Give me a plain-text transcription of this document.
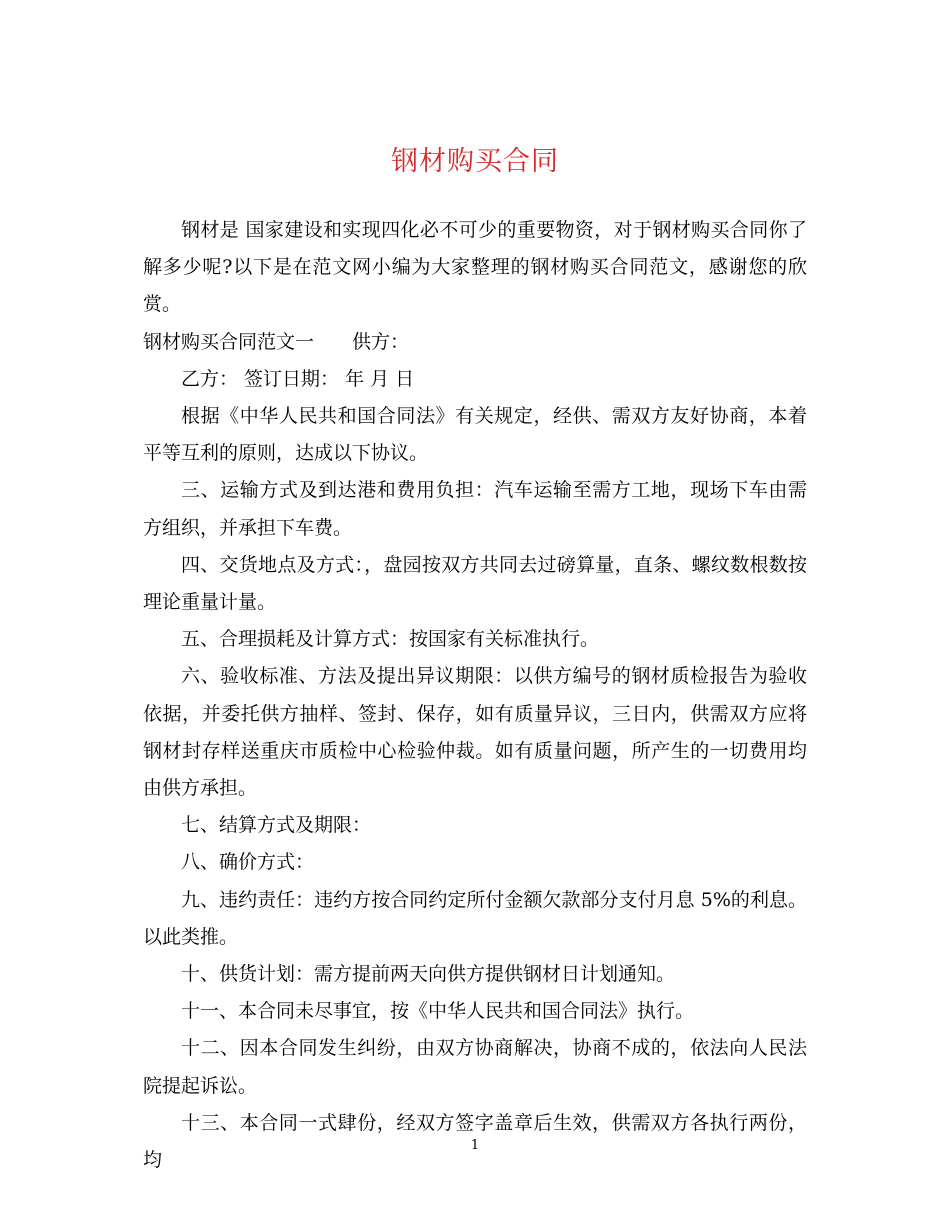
钢材购买合同

钢材是 国家建设和实现四化必不可少的重要物资，对于钢材购买合同你了解多少呢?以下是在范文网小编为大家整理的钢材购买合同范文，感谢您的欣赏。

钢材购买合同范文一 供方：

乙方： 签订日期： 年 月 日

根据《中华人民共和国合同法》有关规定，经供、需双方友好协商，本着平等互利的原则，达成以下协议。

三、运输方式及到达港和费用负担：汽车运输至需方工地，现场下车由需方组织，并承担下车费。

四、交货地点及方式：，盘园按双方共同去过磅算量，直条、螺纹数根数按理论重量计量。

五、合理损耗及计算方式：按国家有关标准执行。

六、验收标准、方法及提出异议期限：以供方编号的钢材质检报告为验收依据，并委托供方抽样、签封、保存，如有质量异议，三日内，供需双方应将钢材封存样送重庆市质检中心检验仲裁。如有质量问题，所产生的一切费用均由供方承担。

七、结算方式及期限：

八、确价方式：

九、违约责任：违约方按合同约定所付金额欠款部分支付月息 5%的利息。以此类推。

十、供货计划：需方提前两天向供方提供钢材日计划通知。

十一、本合同未尽事宜，按《中华人民共和国合同法》执行。

十二、因本合同发生纠纷，由双方协商解决，协商不成的，依法向人民法院提起诉讼。

十三、本合同一式肆份，经双方签字盖章后生效，供需双方各执行两份，均

1
